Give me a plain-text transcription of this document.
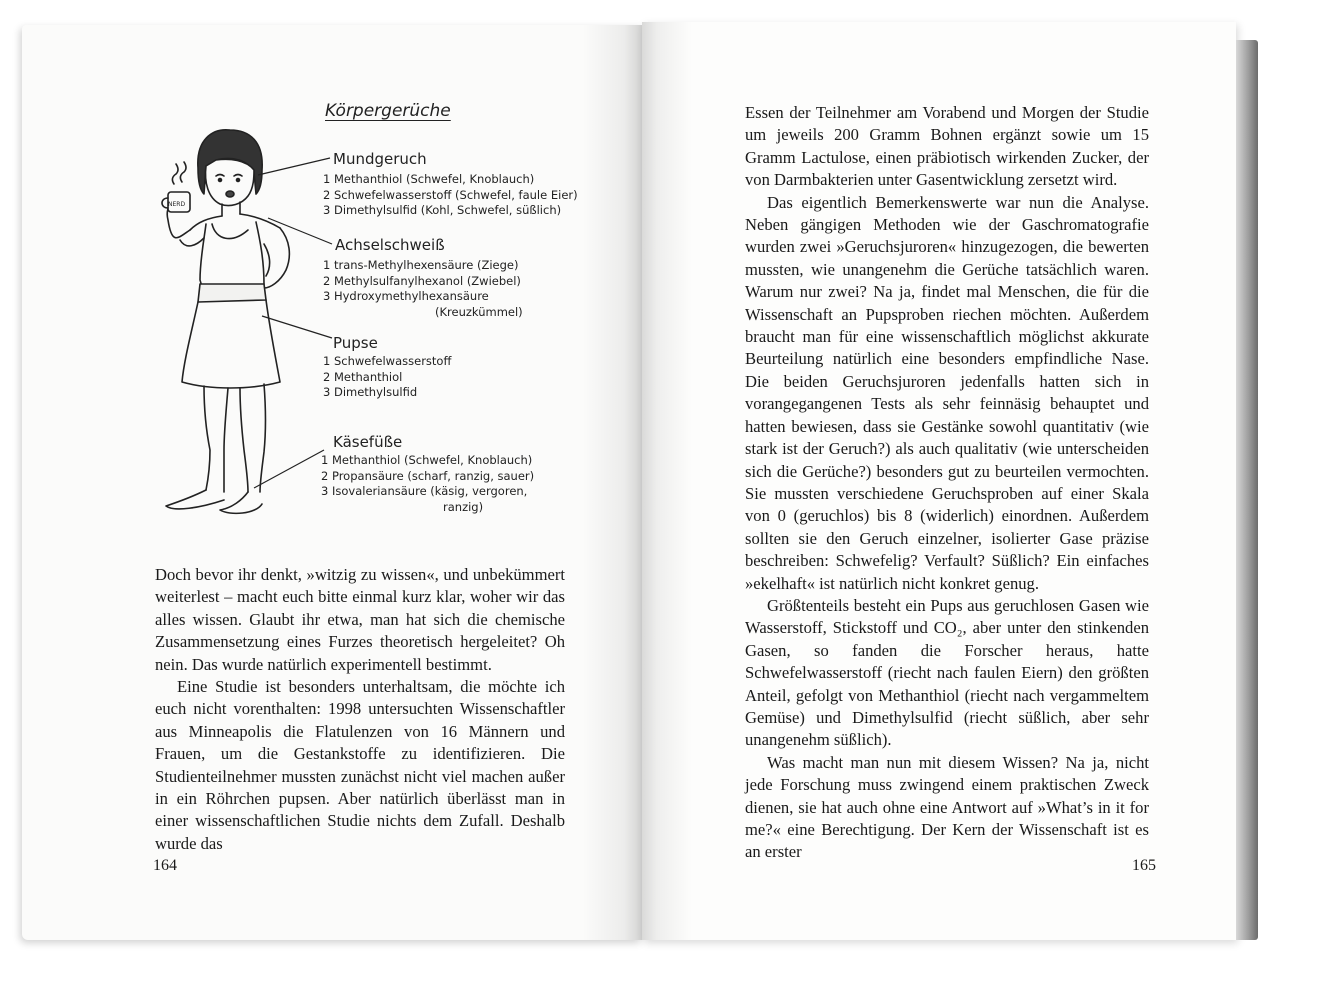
Körpergerüche
NERD
Mundgeruch
1 Methanthiol (Schwefel, Knoblauch)
2 Schwefelwasserstoff (Schwefel, faule Eier)
3 Dimethylsulfid (Kohl, Schwefel, süßlich)
Achselschweiß
1 trans-Methylhexensäure (Ziege)
2 Methylsulfanylhexanol (Zwiebel)
3 Hydroxymethylhexansäure
(Kreuzkümmel)
Pupse
1 Schwefelwasserstoff
2 Methanthiol
3 Dimethylsulfid
Käsefüße
1 Methanthiol (Schwefel, Knoblauch)
2 Propansäure (scharf, ranzig, sauer)
3 Isovaleriansäure (käsig, vergoren,
ranzig)

Doch bevor ihr denkt, »witzig zu wissen«, und unbekümmert weiterlest – macht euch bitte einmal kurz klar, woher wir das alles wissen. Glaubt ihr etwa, man hat sich die chemische Zusammensetzung eines Furzes theoretisch hergeleitet? Oh nein. Das wurde natürlich experimentell bestimmt.

Eine Studie ist besonders unterhaltsam, die möchte ich euch nicht vorenthalten: 1998 untersuchten Wissenschaftler aus Minneapolis die Flatulenzen von 16 Männern und Frauen, um die Gestankstoffe zu identifizieren. Die Studienteilnehmer mussten zunächst nicht viel machen außer in ein Röhrchen pupsen. Aber natürlich überlässt man in einer wissenschaftlichen Studie nichts dem Zufall. Deshalb wurde das

164

Essen der Teilnehmer am Vorabend und Morgen der Studie um jeweils 200 Gramm Bohnen ergänzt sowie um 15 Gramm Lactulose, einen präbiotisch wirkenden Zucker, der von Darmbakterien unter Gasentwicklung zersetzt wird.

Das eigentlich Bemerkenswerte war nun die Analyse. Neben gängigen Methoden wie der Gaschromatografie wurden zwei »Geruchsjuroren« hinzugezogen, die bewerten mussten, wie unangenehm die Gerüche tatsächlich waren. Warum nur zwei? Na ja, findet mal Menschen, die für die Wissenschaft an Pupsproben riechen möchten. Außerdem braucht man für eine wissenschaftlich möglichst akkurate Beurteilung natürlich eine besonders empfindliche Nase. Die beiden Geruchsjuroren jedenfalls hatten sich in vorangegangenen Tests als sehr feinnäsig behauptet und hatten bewiesen, dass sie Gestänke sowohl quantitativ (wie stark ist der Geruch?) als auch qualitativ (wie unterscheiden sich die Gerüche?) besonders gut zu beurteilen vermochten. Sie mussten verschiedene Geruchsproben auf einer Skala von 0 (geruchlos) bis 8 (widerlich) einordnen. Außerdem sollten sie den Geruch einzelner, isolierter Gase präzise beschreiben: Schwefelig? Verfault? Süßlich? Ein einfaches »ekelhaft« ist natürlich nicht konkret genug.

Größtenteils besteht ein Pups aus geruchlosen Gasen wie Wasserstoff, Stickstoff und CO₂, aber unter den stinkenden Gasen, so fanden die Forscher heraus, hatte Schwefelwasserstoff (riecht nach faulen Eiern) den größten Anteil, gefolgt von Methanthiol (riecht nach vergammeltem Gemüse) und Dimethylsulfid (riecht süßlich, aber sehr unangenehm süßlich).

Was macht man nun mit diesem Wissen? Na ja, nicht jede Forschung muss zwingend einem praktischen Zweck dienen, sie hat auch ohne eine Antwort auf »What’s in it for me?« eine Berechtigung. Der Kern der Wissenschaft ist es an erster

165
